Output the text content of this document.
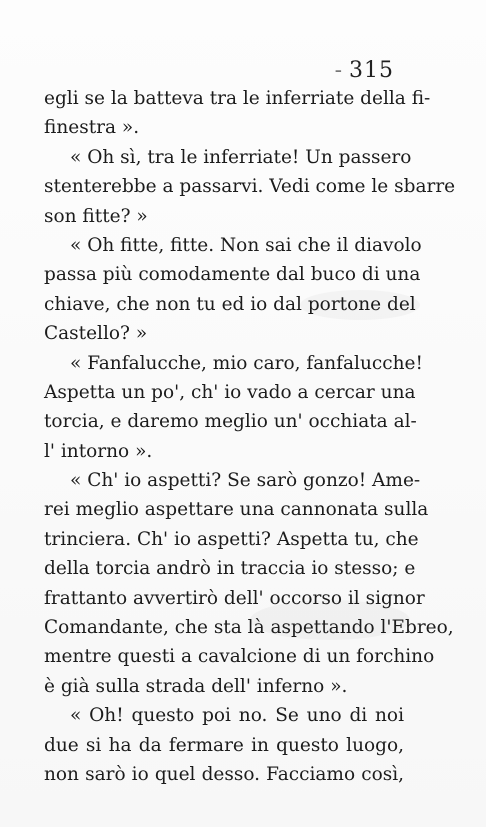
- 315
egli se la batteva tra le inferriate della fi-
finestra ».
« Oh sì, tra le inferriate! Un passero
stenterebbe a passarvi. Vedi come le sbarre
son fitte? »
« Oh fitte, fitte. Non sai che il diavolo
passa più comodamente dal buco di una
chiave, che non tu ed io dal portone del
Castello? »
« Fanfalucche, mio caro, fanfalucche!
Aspetta un po', ch' io vado a cercar una
torcia, e daremo meglio un' occhiata al-
l' intorno ».
« Ch' io aspetti? Se sarò gonzo! Ame-
rei meglio aspettare una cannonata sulla
trinciera. Ch' io aspetti? Aspetta tu, che
della torcia andrò in traccia io stesso; e
frattanto avvertirò dell' occorso il signor
Comandante, che sta là aspettando l'Ebreo,
mentre questi a cavalcione di un forchino
è già sulla strada dell' inferno ».
« Oh! questo poi no. Se uno di noi
due si ha da fermare in questo luogo,
non sarò io quel desso. Facciamo così,
